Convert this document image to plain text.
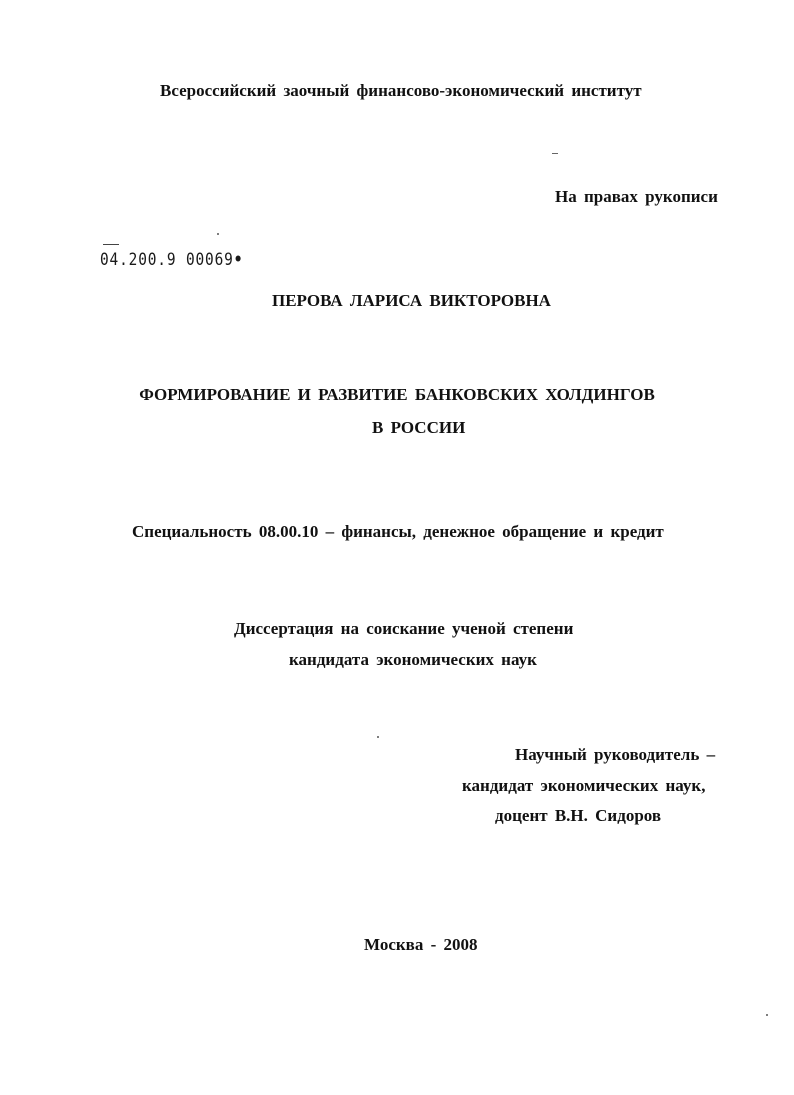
Всероссийский заочный финансово-экономический институт
На правах рукописи
04.200.9 00069•
ПЕРОВА ЛАРИСА ВИКТОРОВНА
ФОРМИРОВАНИЕ И РАЗВИТИЕ БАНКОВСКИХ ХОЛДИНГОВ
В РОССИИ
Специальность 08.00.10 – финансы, денежное обращение и кредит
Диссертация на соискание ученой степени
кандидата экономических наук
Научный руководитель –
кандидат экономических наук,
доцент В.Н. Сидоров
Москва - 2008
